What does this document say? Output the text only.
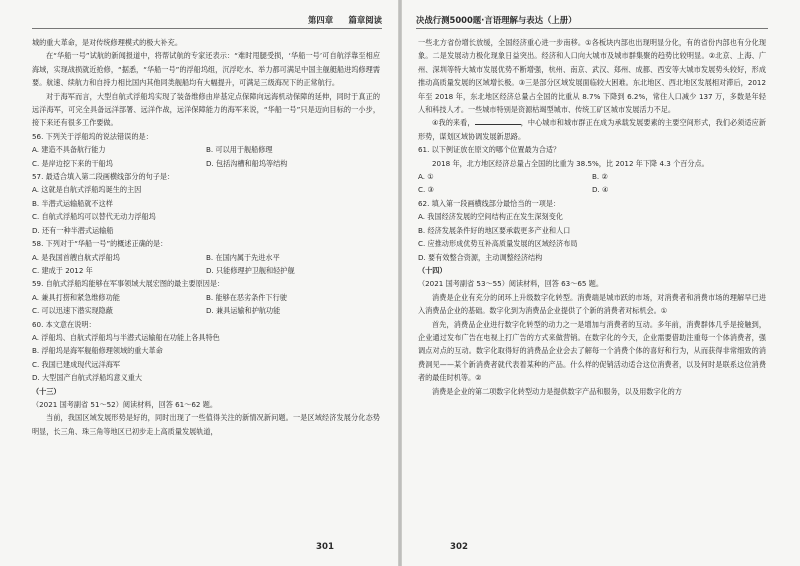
第四章 篇章阅读

城的重大革命，是对传统修理模式的极大补充。

在“华船一号”试航的新闻报道中，将帮试航的专家还表示：“难时甩腿受损，‘华船一号’可自航浮靠至相应海域，实现战损就近抢修，“据悉，“华船一号”的浮船坞组，沉浮吃水、举力都可满足中国主舰艇船进坞修理需要。航速、续航力和自持力相比国内其他同类舰船均有大幅提升，可满足三级海况下的正常航行。

对于海军而言，大型自航式浮船坞实现了装备维修由岸基定点保障向远海机动保障的延伸，同时于真正的远洋海军，可完全具备远洋部署、远洋作战，远洋保障能力的海军来说，“华船一号”只是迈向目标的一小步，接下来还有很多工作要做。

56. 下列关于浮船坞的说法错误的是：

A. 建造不具备航行能力	B. 可以用于舰船修理
C. 是岸边挖下来的干船坞	D. 包括沟槽和船坞等结构

57. 最适合填入第二段画横线部分的句子是：

A. 这就是自航式浮船坞诞生的主因

B. 半潜式运输船就不这样

C. 自航式浮船坞可以替代无动力浮船坞

D. 还有一种半潜式运输船

58. 下列对于“华船一号”的概述正确的是：

A. 是我国首艘自航式浮船坞	B. 在国内属于先进水平
C. 建成于 2012 年	D. 只能修理护卫舰和轻护舰

59. 自航式浮船坞能够在军事领域大展宏图的最主要原因是：

A. 兼具打捞和紧急维修功能	B. 能够在恶劣条件下行驶
C. 可以迅速下潜实现隐蔽	D. 兼具运输和护航功能

60. 本文意在说明：

A. 浮船坞、自航式浮船坞与半潜式运输船在功能上各具特色

B. 浮船坞是海军舰船修理领域的重大革命

C. 我国已建成现代远洋海军

D. 大型国产自航式浮船坞意义重大

（十三）

（2021 国考副省 51～52）阅读材料，回答 61～62 题。

当前，我国区域发展形势是好的，同时出现了一些值得关注的新情况新问题。一是区域经济发展分化态势明显，长三角、珠三角等地区已初步走上高质量发展轨道，

301
决战行测5000题·言语理解与表达（上册）

一些北方省份增长放缓，全国经济重心进一步南移。①各板块内部也出现明显分化，有的省份内部也有分化现象。二是发展动力极化现象日益突出。经济和人口向大城市及城市群集聚的趋势比较明显。②北京、上海、广州、深圳等特大城市发展优势不断增强，杭州、南京、武汉、郑州、成都、西安等大城市发展势头较好，形成推动高质量发展的区域增长极。③三是部分区域发展面临较大困难。东北地区、西北地区发展相对滞后，2012 年至 2018 年，东北地区经济总量占全国的比重从 8.7% 下降到 6.2%，常住人口减少 137 万，多数是年轻人和科技人才。一些城市特别是资源枯竭型城市、传统工矿区城市发展活力不足。

④我的来看，	，中心城市和城市群正在成为承载发展要素的主要空间形式，我们必须适应新形势，谋划区域协调发展新思路。

61. 以下例证放在原文的哪个位置最为合适？

2018 年，北方地区经济总量占全国的比重为 38.5%，比 2012 年下降 4.3 个百分点。

A. ①	B. ②
C. ③	D. ④

62. 填入第一段画横线部分最恰当的一项是：

A. 我国经济发展的空间结构正在发生深刻变化

B. 经济发展条件好的地区要承载更多产业和人口

C. 应推动形成优势互补高质量发展的区域经济布局

D. 要有效整合资源，主动调整经济结构

（十四）

（2021 国考副省 53～55）阅读材料，回答 63～65 题。

消费是企业有充分的闭环上升级数字化转型。消费端是城市跃的市场，对消费者和消费市场的理解早已进入消费品企业的基础。数字化到为消费品企业提供了个新的消费者对标机会。①

首先，消费品企业进行数字化转型的动力之一是增加与消费者的互动。多年前，消费群体几乎是接触到，企业通过发布广告在电视上打广告的方式来做营销。在数字化的今天，企业需要借助注重每一个体消费者，强调点对点的互动。数字化取得好的消费品企业会去了解每一个消费个体的喜好和行为，从而获得非常细致的消费洞见——某个新消费者就代表着某种的产品。什么样的促销活动适合这位消费者，以及何时是联系这位消费者的最佳时机等。②

消费是企业的第二项数字化转型动力是提供数字产品和服务，以及用数字化的方

302
